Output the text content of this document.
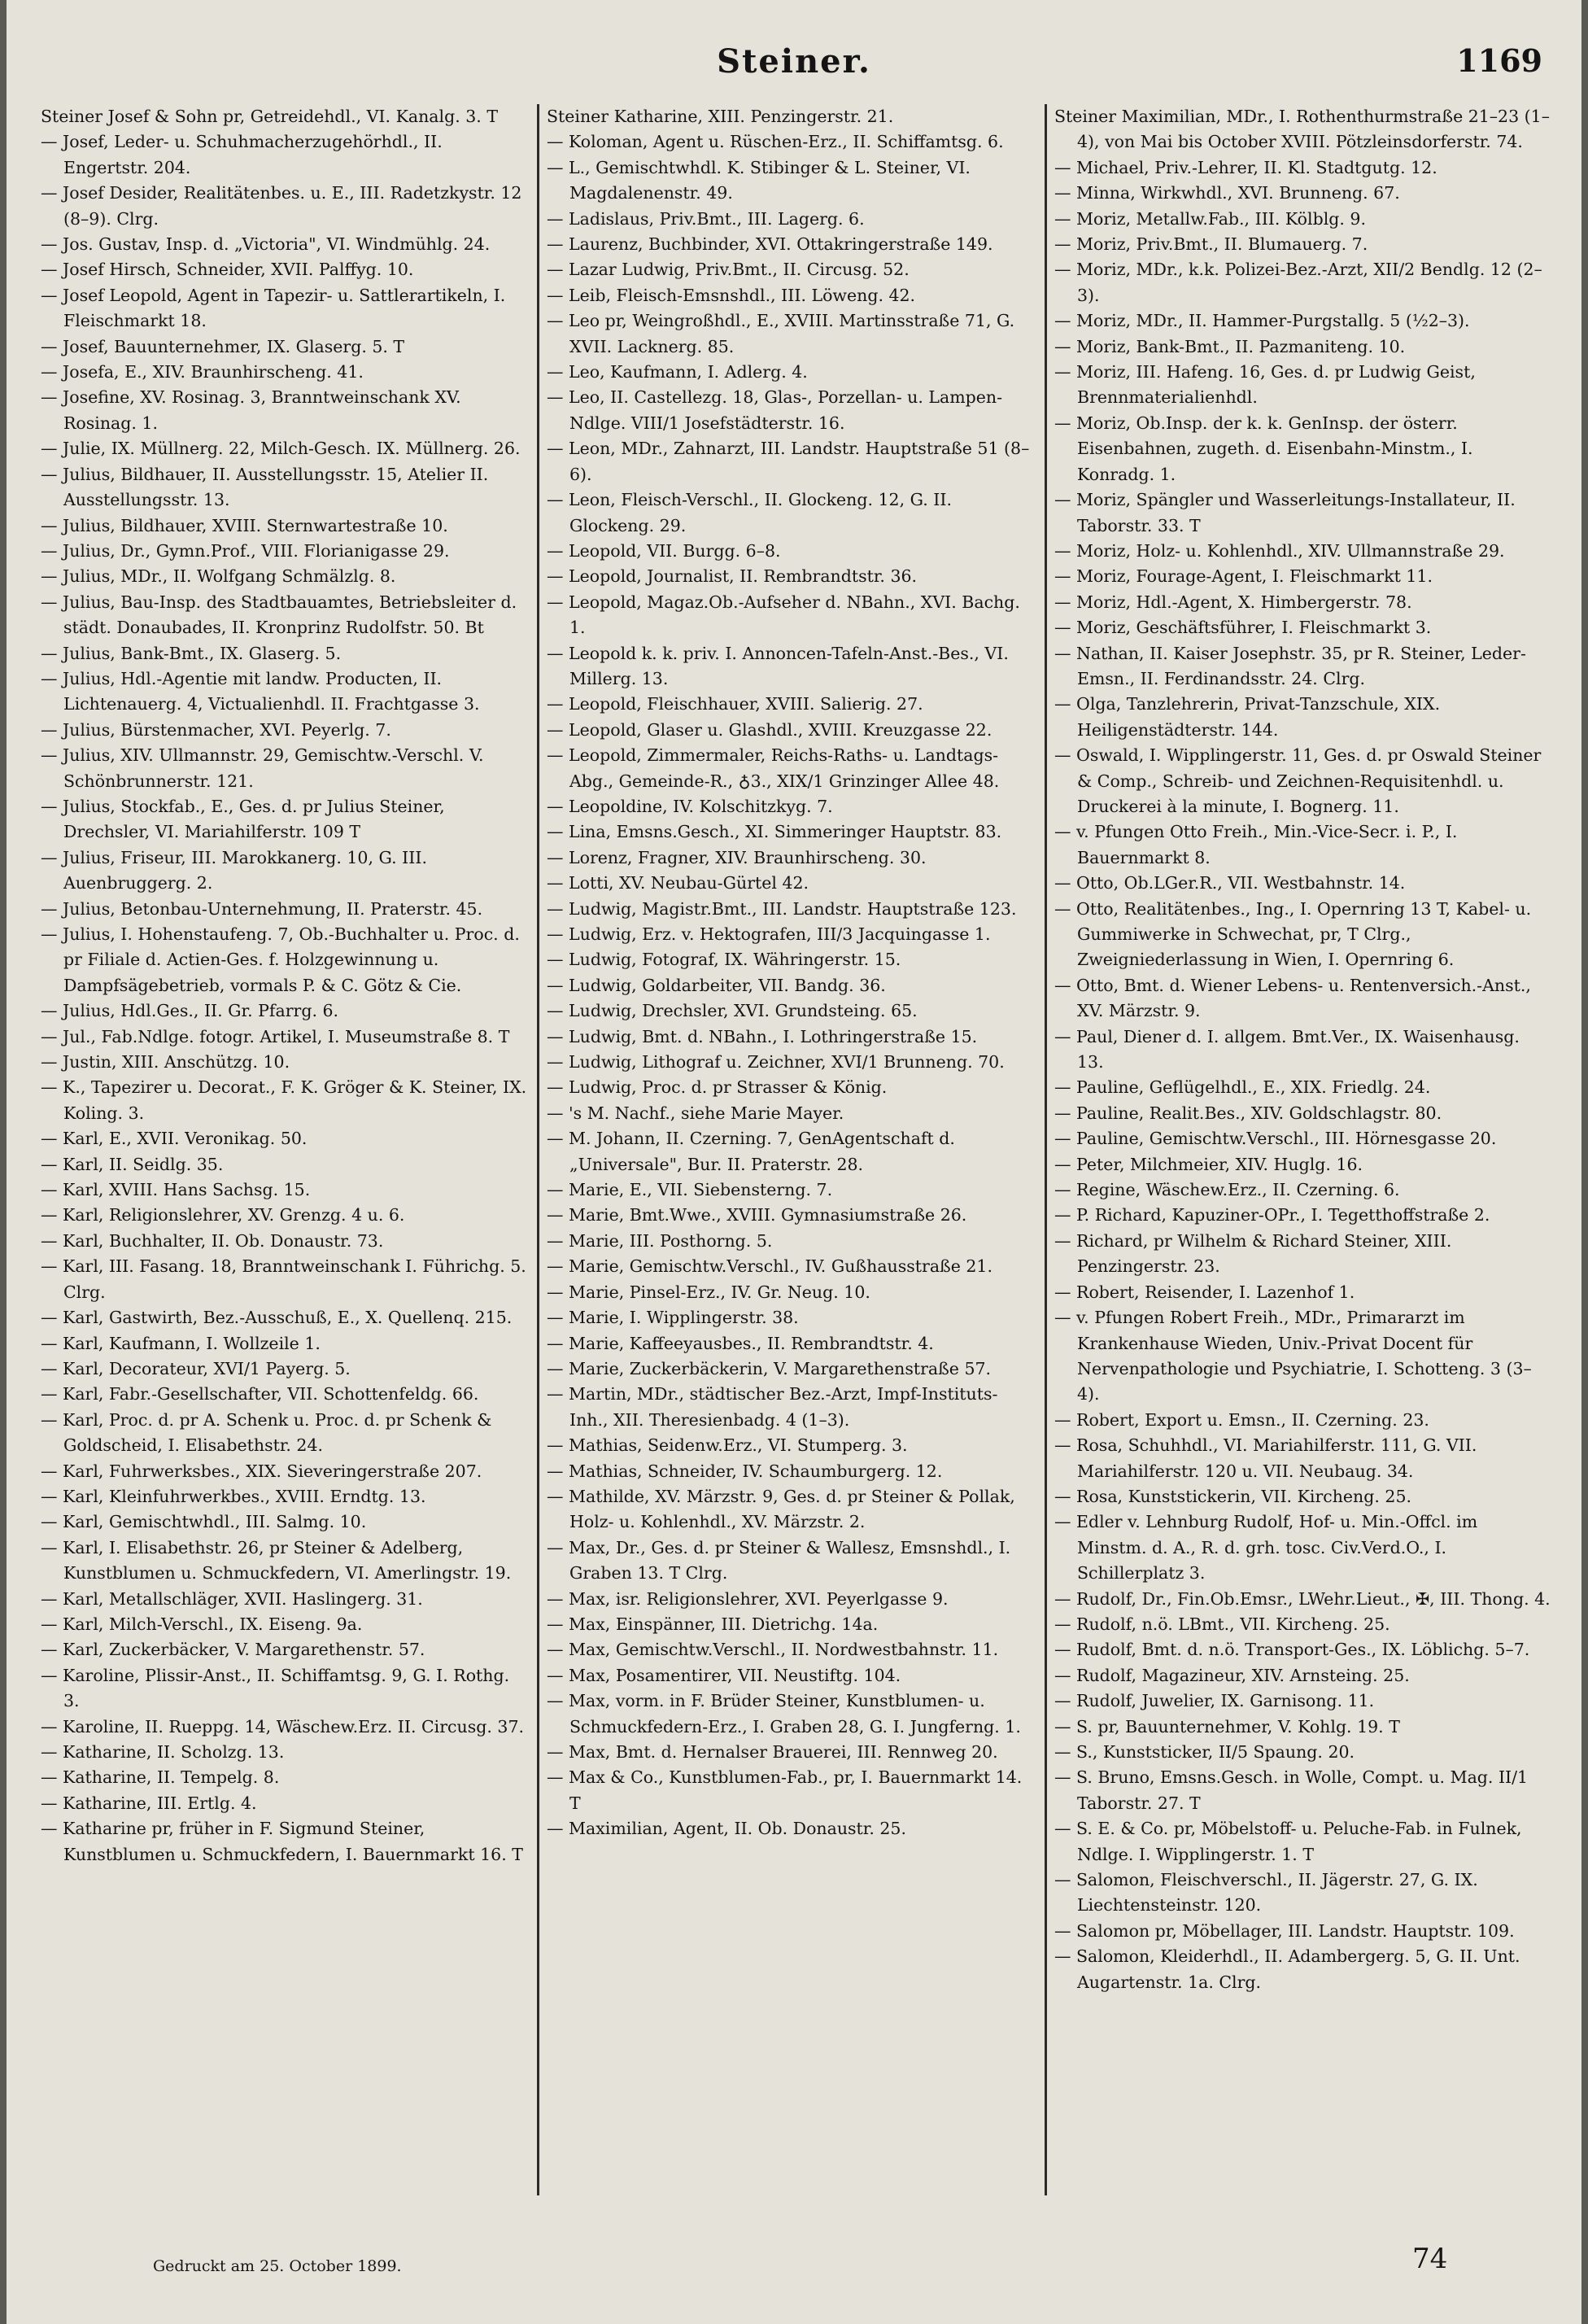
Steiner.	1169
Steiner Josef & Sohn pr, Getreidehdl., VI. Kanalg. 3. T
— Josef, Leder- u. Schuhmacherzugehörhdl., II. Engertstr. 204.
— Josef Desider, Realitätenbes. u. E., III. Radetzkystr. 12 (8–9). Clrg.
— Jos. Gustav, Insp. d. „Victoria", VI. Windmühlg. 24.
— Josef Hirsch, Schneider, XVII. Palffyg. 10.
— Josef Leopold, Agent in Tapezir- u. Sattlerartikeln, I. Fleischmarkt 18.
— Josef, Bauunternehmer, IX. Glaserg. 5. T
— Josefa, E., XIV. Braunhirscheng. 41.
— Josefine, XV. Rosinag. 3, Branntweinschank XV. Rosinag. 1.
— Julie, IX. Müllnerg. 22, Milch-Gesch. IX. Müllnerg. 26.
— Julius, Bildhauer, II. Ausstellungsstr. 15, Atelier II. Ausstellungsstr. 13.
— Julius, Bildhauer, XVIII. Sternwartestraße 10.
— Julius, Dr., Gymn.Prof., VIII. Florianigasse 29.
— Julius, MDr., II. Wolfgang Schmälzlg. 8.
— Julius, Bau-Insp. des Stadtbauamtes, Betriebsleiter d. städt. Donaubades, II. Kronprinz Rudolfstr. 50. Bt
— Julius, Bank-Bmt., IX. Glaserg. 5.
— Julius, Hdl.-Agentie mit landw. Producten, II. Lichtenauerg. 4, Victualienhdl. II. Frachtgasse 3.
— Julius, Bürstenmacher, XVI. Peyerlg. 7.
— Julius, XIV. Ullmannstr. 29, Gemischtw.-Verschl. V. Schönbrunnerstr. 121.
— Julius, Stockfab., E., Ges. d. pr Julius Steiner, Drechsler, VI. Mariahilferstr. 109 T
— Julius, Friseur, III. Marokkanerg. 10, G. III. Auenbruggerg. 2.
— Julius, Betonbau-Unternehmung, II. Praterstr. 45.
— Julius, I. Hohenstaufeng. 7, Ob.-Buchhalter u. Proc. d. pr Filiale d. Actien-Ges. f. Holzgewinnung u. Dampfsägebetrieb, vormals P. & C. Götz & Cie.
— Julius, Hdl.Ges., II. Gr. Pfarrg. 6.
— Jul., Fab.Ndlge. fotogr. Artikel, I. Museumstraße 8. T
— Justin, XIII. Anschützg. 10.
— K., Tapezirer u. Decorat., F. K. Gröger & K. Steiner, IX. Koling. 3.
— Karl, E., XVII. Veronikag. 50.
— Karl, II. Seidlg. 35.
— Karl, XVIII. Hans Sachsg. 15.
— Karl, Religionslehrer, XV. Grenzg. 4 u. 6.
— Karl, Buchhalter, II. Ob. Donaustr. 73.
— Karl, III. Fasang. 18, Branntweinschank I. Führichg. 5. Clrg.
— Karl, Gastwirth, Bez.-Ausschuß, E., X. Quellenq. 215.
— Karl, Kaufmann, I. Wollzeile 1.
— Karl, Decorateur, XVI/1 Payerg. 5.
— Karl, Fabr.-Gesellschafter, VII. Schottenfeldg. 66.
— Karl, Proc. d. pr A. Schenk u. Proc. d. pr Schenk & Goldscheid, I. Elisabethstr. 24.
— Karl, Fuhrwerksbes., XIX. Sieveringerstraße 207.
— Karl, Kleinfuhrwerkbes., XVIII. Erndtg. 13.
— Karl, Gemischtwhdl., III. Salmg. 10.
— Karl, I. Elisabethstr. 26, pr Steiner & Adelberg, Kunstblumen u. Schmuckfedern, VI. Amerlingstr. 19.
— Karl, Metallschläger, XVII. Haslingerg. 31.
— Karl, Milch-Verschl., IX. Eiseng. 9a.
— Karl, Zuckerbäcker, V. Margarethenstr. 57.
— Karoline, Plissir-Anst., II. Schiffamtsg. 9, G. I. Rothg. 3.
— Karoline, II. Rueppg. 14, Wäschew.Erz. II. Circusg. 37.
— Katharine, II. Scholzg. 13.
— Katharine, II. Tempelg. 8.
— Katharine, III. Ertlg. 4.
— Katharine pr, früher in F. Sigmund Steiner, Kunstblumen u. Schmuckfedern, I. Bauernmarkt 16. T
Steiner Katharine, XIII. Penzingerstr. 21.
— Koloman, Agent u. Rüschen-Erz., II. Schiffamtsg. 6.
— L., Gemischtwhdl. K. Stibinger & L. Steiner, VI. Magdalenenstr. 49.
— Ladislaus, Priv.Bmt., III. Lagerg. 6.
— Laurenz, Buchbinder, XVI. Ottakringerstraße 149.
— Lazar Ludwig, Priv.Bmt., II. Circusg. 52.
— Leib, Fleisch-Emsnshdl., III. Löweng. 42.
— Leo pr, Weingroßhdl., E., XVIII. Martinsstraße 71, G. XVII. Lacknerg. 85.
— Leo, Kaufmann, I. Adlerg. 4.
— Leo, II. Castellezg. 18, Glas-, Porzellan- u. Lampen-Ndlge. VIII/1 Josefstädterstr. 16.
— Leon, MDr., Zahnarzt, III. Landstr. Hauptstraße 51 (8–6).
— Leon, Fleisch-Verschl., II. Glockeng. 12, G. II. Glockeng. 29.
— Leopold, VII. Burgg. 6–8.
— Leopold, Journalist, II. Rembrandtstr. 36.
— Leopold, Magaz.Ob.-Aufseher d. NBahn., XVI. Bachg. 1.
— Leopold k. k. priv. I. Annoncen-Tafeln-Anst.-Bes., VI. Millerg. 13.
— Leopold, Fleischhauer, XVIII. Salierig. 27.
— Leopold, Glaser u. Glashdl., XVIII. Kreuzgasse 22.
— Leopold, Zimmermaler, Reichs-Raths- u. Landtags-Abg., Gemeinde-R., ♁3., XIX/1 Grinzinger Allee 48.
— Leopoldine, IV. Kolschitzkyg. 7.
— Lina, Emsns.Gesch., XI. Simmeringer Hauptstr. 83.
— Lorenz, Fragner, XIV. Braunhirscheng. 30.
— Lotti, XV. Neubau-Gürtel 42.
— Ludwig, Magistr.Bmt., III. Landstr. Hauptstraße 123.
— Ludwig, Erz. v. Hektografen, III/3 Jacquingasse 1.
— Ludwig, Fotograf, IX. Währingerstr. 15.
— Ludwig, Goldarbeiter, VII. Bandg. 36.
— Ludwig, Drechsler, XVI. Grundsteing. 65.
— Ludwig, Bmt. d. NBahn., I. Lothringerstraße 15.
— Ludwig, Lithograf u. Zeichner, XVI/1 Brunneng. 70.
— Ludwig, Proc. d. pr Strasser & König.
— 's M. Nachf., siehe Marie Mayer.
— M. Johann, II. Czerning. 7, GenAgentschaft d. „Universale", Bur. II. Praterstr. 28.
— Marie, E., VII. Siebensterng. 7.
— Marie, Bmt.Wwe., XVIII. Gymnasiumstraße 26.
— Marie, III. Posthorng. 5.
— Marie, Gemischtw.Verschl., IV. Gußhausstraße 21.
— Marie, Pinsel-Erz., IV. Gr. Neug. 10.
— Marie, I. Wipplingerstr. 38.
— Marie, Kaffeeyausbes., II. Rembrandtstr. 4.
— Marie, Zuckerbäckerin, V. Margarethenstraße 57.
— Martin, MDr., städtischer Bez.-Arzt, Impf-Instituts-Inh., XII. Theresienbadg. 4 (1–3).
— Mathias, Seidenw.Erz., VI. Stumperg. 3.
— Mathias, Schneider, IV. Schaumburgerg. 12.
— Mathilde, XV. Märzstr. 9, Ges. d. pr Steiner & Pollak, Holz- u. Kohlenhdl., XV. Märzstr. 2.
— Max, Dr., Ges. d. pr Steiner & Wallesz, Emsnshdl., I. Graben 13. T Clrg.
— Max, isr. Religionslehrer, XVI. Peyerlgasse 9.
— Max, Einspänner, III. Dietrichg. 14a.
— Max, Gemischtw.Verschl., II. Nordwestbahnstr. 11.
— Max, Posamentirer, VII. Neustiftg. 104.
— Max, vorm. in F. Brüder Steiner, Kunstblumen- u. Schmuckfedern-Erz., I. Graben 28, G. I. Jungferng. 1.
— Max, Bmt. d. Hernalser Brauerei, III. Rennweg 20.
— Max & Co., Kunstblumen-Fab., pr, I. Bauernmarkt 14. T
— Maximilian, Agent, II. Ob. Donaustr. 25.
Steiner Maximilian, MDr., I. Rothenthurmstraße 21–23 (1–4), von Mai bis October XVIII. Pötzleinsdorferstr. 74.
— Michael, Priv.-Lehrer, II. Kl. Stadtgutg. 12.
— Minna, Wirkwhdl., XVI. Brunneng. 67.
— Moriz, Metallw.Fab., III. Kölblg. 9.
— Moriz, Priv.Bmt., II. Blumauerg. 7.
— Moriz, MDr., k.k. Polizei-Bez.-Arzt, XII/2 Bendlg. 12 (2–3).
— Moriz, MDr., II. Hammer-Purgstallg. 5 (½2–3).
— Moriz, Bank-Bmt., II. Pazmaniteng. 10.
— Moriz, III. Hafeng. 16, Ges. d. pr Ludwig Geist, Brennmaterialienhdl.
— Moriz, Ob.Insp. der k. k. GenInsp. der österr. Eisenbahnen, zugeth. d. Eisenbahn-Minstm., I. Konradg. 1.
— Moriz, Spängler und Wasserleitungs-Installateur, II. Taborstr. 33. T
— Moriz, Holz- u. Kohlenhdl., XIV. Ullmannstraße 29.
— Moriz, Fourage-Agent, I. Fleischmarkt 11.
— Moriz, Hdl.-Agent, X. Himbergerstr. 78.
— Moriz, Geschäftsführer, I. Fleischmarkt 3.
— Nathan, II. Kaiser Josephstr. 35, pr R. Steiner, Leder-Emsn., II. Ferdinandsstr. 24. Clrg.
— Olga, Tanzlehrerin, Privat-Tanzschule, XIX. Heiligenstädterstr. 144.
— Oswald, I. Wipplingerstr. 11, Ges. d. pr Oswald Steiner & Comp., Schreib- und Zeichnen-Requisitenhdl. u. Druckerei à la minute, I. Bognerg. 11.
— v. Pfungen Otto Freih., Min.-Vice-Secr. i. P., I. Bauernmarkt 8.
— Otto, Ob.LGer.R., VII. Westbahnstr. 14.
— Otto, Realitätenbes., Ing., I. Opernring 13 T, Kabel- u. Gummiwerke in Schwechat, pr, T Clrg., Zweigniederlassung in Wien, I. Opernring 6.
— Otto, Bmt. d. Wiener Lebens- u. Rentenversich.-Anst., XV. Märzstr. 9.
— Paul, Diener d. I. allgem. Bmt.Ver., IX. Waisenhausg. 13.
— Pauline, Geflügelhdl., E., XIX. Friedlg. 24.
— Pauline, Realit.Bes., XIV. Goldschlagstr. 80.
— Pauline, Gemischtw.Verschl., III. Hörnesgasse 20.
— Peter, Milchmeier, XIV. Huglg. 16.
— Regine, Wäschew.Erz., II. Czerning. 6.
— P. Richard, Kapuziner-OPr., I. Tegetthoffstraße 2.
— Richard, pr Wilhelm & Richard Steiner, XIII. Penzingerstr. 23.
— Robert, Reisender, I. Lazenhof 1.
— v. Pfungen Robert Freih., MDr., Primararzt im Krankenhause Wieden, Univ.-Privat Docent für Nervenpathologie und Psychiatrie, I. Schotteng. 3 (3–4).
— Robert, Export u. Emsn., II. Czerning. 23.
— Rosa, Schuhhdl., VI. Mariahilferstr. 111, G. VII. Mariahilferstr. 120 u. VII. Neubaug. 34.
— Rosa, Kunststickerin, VII. Kircheng. 25.
— Edler v. Lehnburg Rudolf, Hof- u. Min.-Offcl. im Minstm. d. A., R. d. grh. tosc. Civ.Verd.O., I. Schillerplatz 3.
— Rudolf, Dr., Fin.Ob.Emsr., LWehr.Lieut., ✠, III. Thong. 4.
— Rudolf, n.ö. LBmt., VII. Kircheng. 25.
— Rudolf, Bmt. d. n.ö. Transport-Ges., IX. Löblichg. 5–7.
— Rudolf, Magazineur, XIV. Arnsteing. 25.
— Rudolf, Juwelier, IX. Garnisong. 11.
— S. pr, Bauunternehmer, V. Kohlg. 19. T
— S., Kunststicker, II/5 Spaung. 20.
— S. Bruno, Emsns.Gesch. in Wolle, Compt. u. Mag. II/1 Taborstr. 27. T
— S. E. & Co. pr, Möbelstoff- u. Peluche-Fab. in Fulnek, Ndlge. I. Wipplingerstr. 1. T
— Salomon, Fleischverschl., II. Jägerstr. 27, G. IX. Liechtensteinstr. 120.
— Salomon pr, Möbellager, III. Landstr. Hauptstr. 109.
— Salomon, Kleiderhdl., II. Adambergerg. 5, G. II. Unt. Augartenstr. 1a. Clrg.
Gedruckt am 25. October 1899.	74
